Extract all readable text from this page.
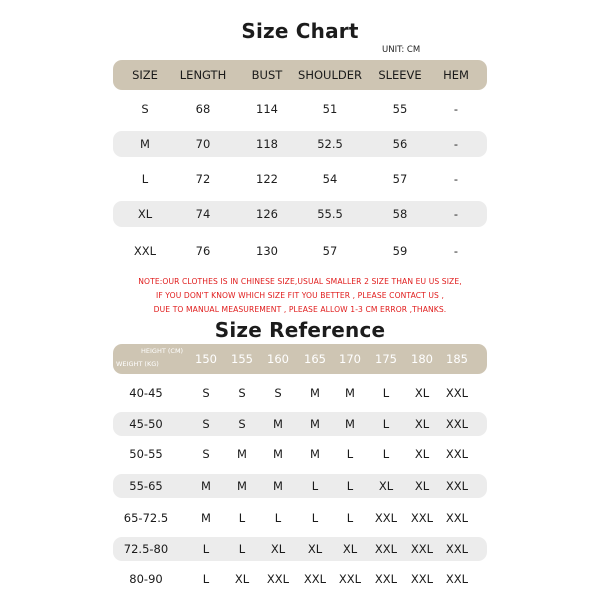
Size Chart
UNIT: CM
SIZE	LENGTH	BUST	SHOULDER	SLEEVE	HEM
S	68	114	51	55	-
M	70	118	52.5	56	-
L	72	122	54	57	-
XL	74	126	55.5	58	-
XXL	76	130	57	59	-
NOTE:OUR CLOTHES IS IN CHINESE SIZE,USUAL SMALLER 2 SIZE THAN EU US SIZE,
IF YOU DON'T KNOW WHICH SIZE FIT YOU BETTER , PLEASE CONTACT US ,
DUE TO MANUAL MEASUREMENT , PLEASE ALLOW 1-3 CM ERROR ,THANKS.
Size Reference
HEIGHT (CM)
WEIGHT (KG)	150	155	160	165	170	175	180	185
40-45	S	S	S	M	M	L	XL	XXL
45-50	S	S	M	M	M	L	XL	XXL
50-55	S	M	M	M	L	L	XL	XXL
55-65	M	M	M	L	L	XL	XL	XXL
65-72.5	M	L	L	L	L	XXL	XXL	XXL
72.5-80	L	L	XL	XL	XL	XXL	XXL	XXL
80-90	L	XL	XXL	XXL	XXL	XXL	XXL	XXL
